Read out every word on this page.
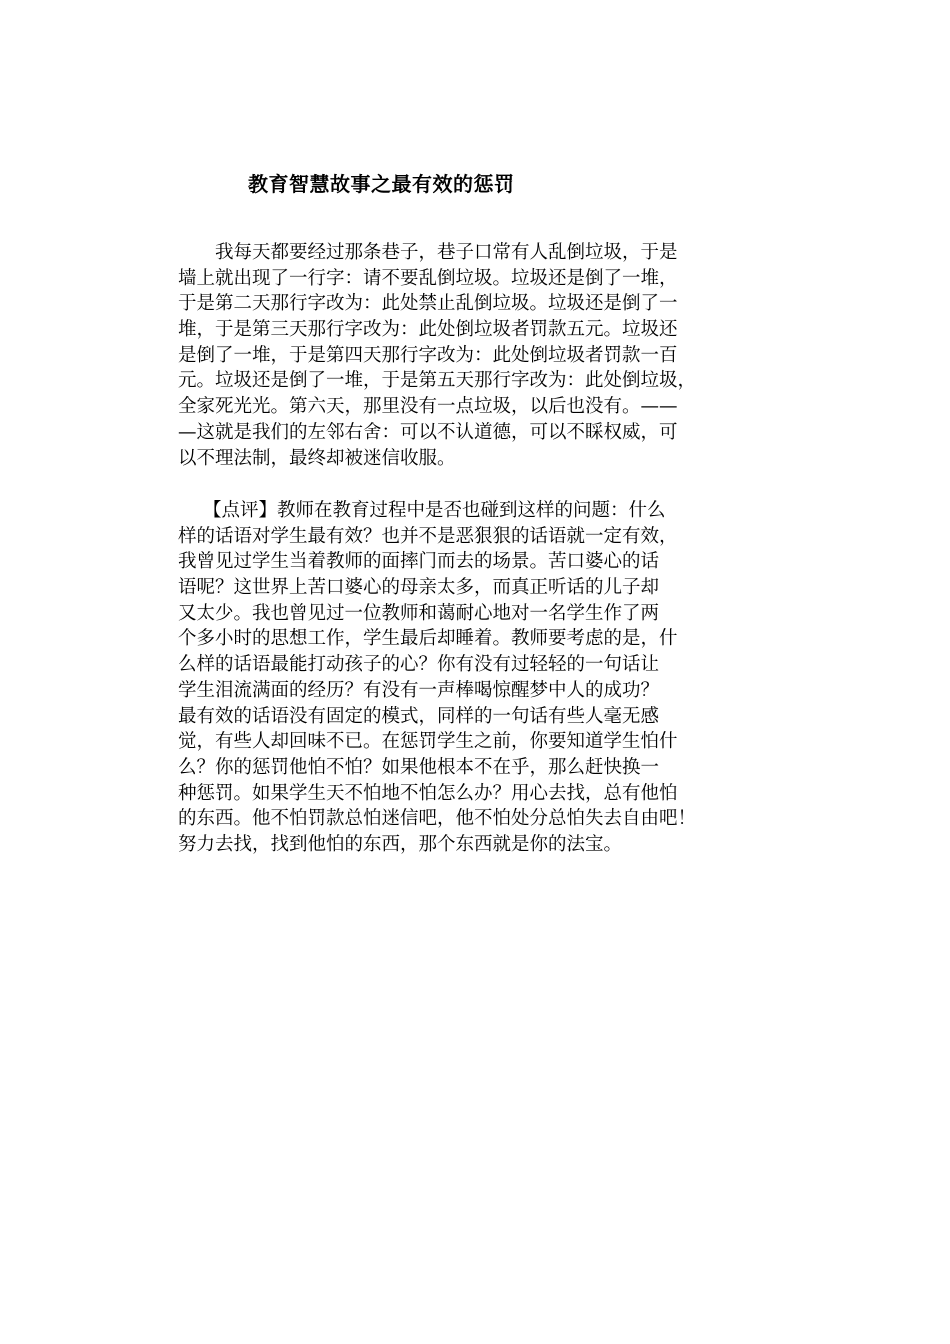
教育智慧故事之最有效的惩罚
我每天都要经过那条巷子，巷子口常有人乱倒垃圾，于是
墙上就出现了一行字：请不要乱倒垃圾。垃圾还是倒了一堆，
于是第二天那行字改为：此处禁止乱倒垃圾。垃圾还是倒了一
堆，于是第三天那行字改为：此处倒垃圾者罚款五元。垃圾还
是倒了一堆，于是第四天那行字改为：此处倒垃圾者罚款一百
元。垃圾还是倒了一堆，于是第五天那行字改为：此处倒垃圾，
全家死光光。第六天，那里没有一点垃圾，以后也没有。——
—这就是我们的左邻右舍：可以不认道德，可以不睬权威，可
以不理法制，最终却被迷信收服。
【点评】教师在教育过程中是否也碰到这样的问题：什么
样的话语对学生最有效？也并不是恶狠狠的话语就一定有效，
我曾见过学生当着教师的面摔门而去的场景。苦口婆心的话
语呢？这世界上苦口婆心的母亲太多，而真正听话的儿子却
又太少。我也曾见过一位教师和蔼耐心地对一名学生作了两
个多小时的思想工作，学生最后却睡着。教师要考虑的是，什
么样的话语最能打动孩子的心？你有没有过轻轻的一句话让
学生泪流满面的经历？有没有一声棒喝惊醒梦中人的成功？
最有效的话语没有固定的模式，同样的一句话有些人毫无感
觉，有些人却回味不已。在惩罚学生之前，你要知道学生怕什
么？你的惩罚他怕不怕？如果他根本不在乎，那么赶快换一
种惩罚。如果学生天不怕地不怕怎么办？用心去找，总有他怕
的东西。他不怕罚款总怕迷信吧，他不怕处分总怕失去自由吧！
努力去找，找到他怕的东西，那个东西就是你的法宝。
